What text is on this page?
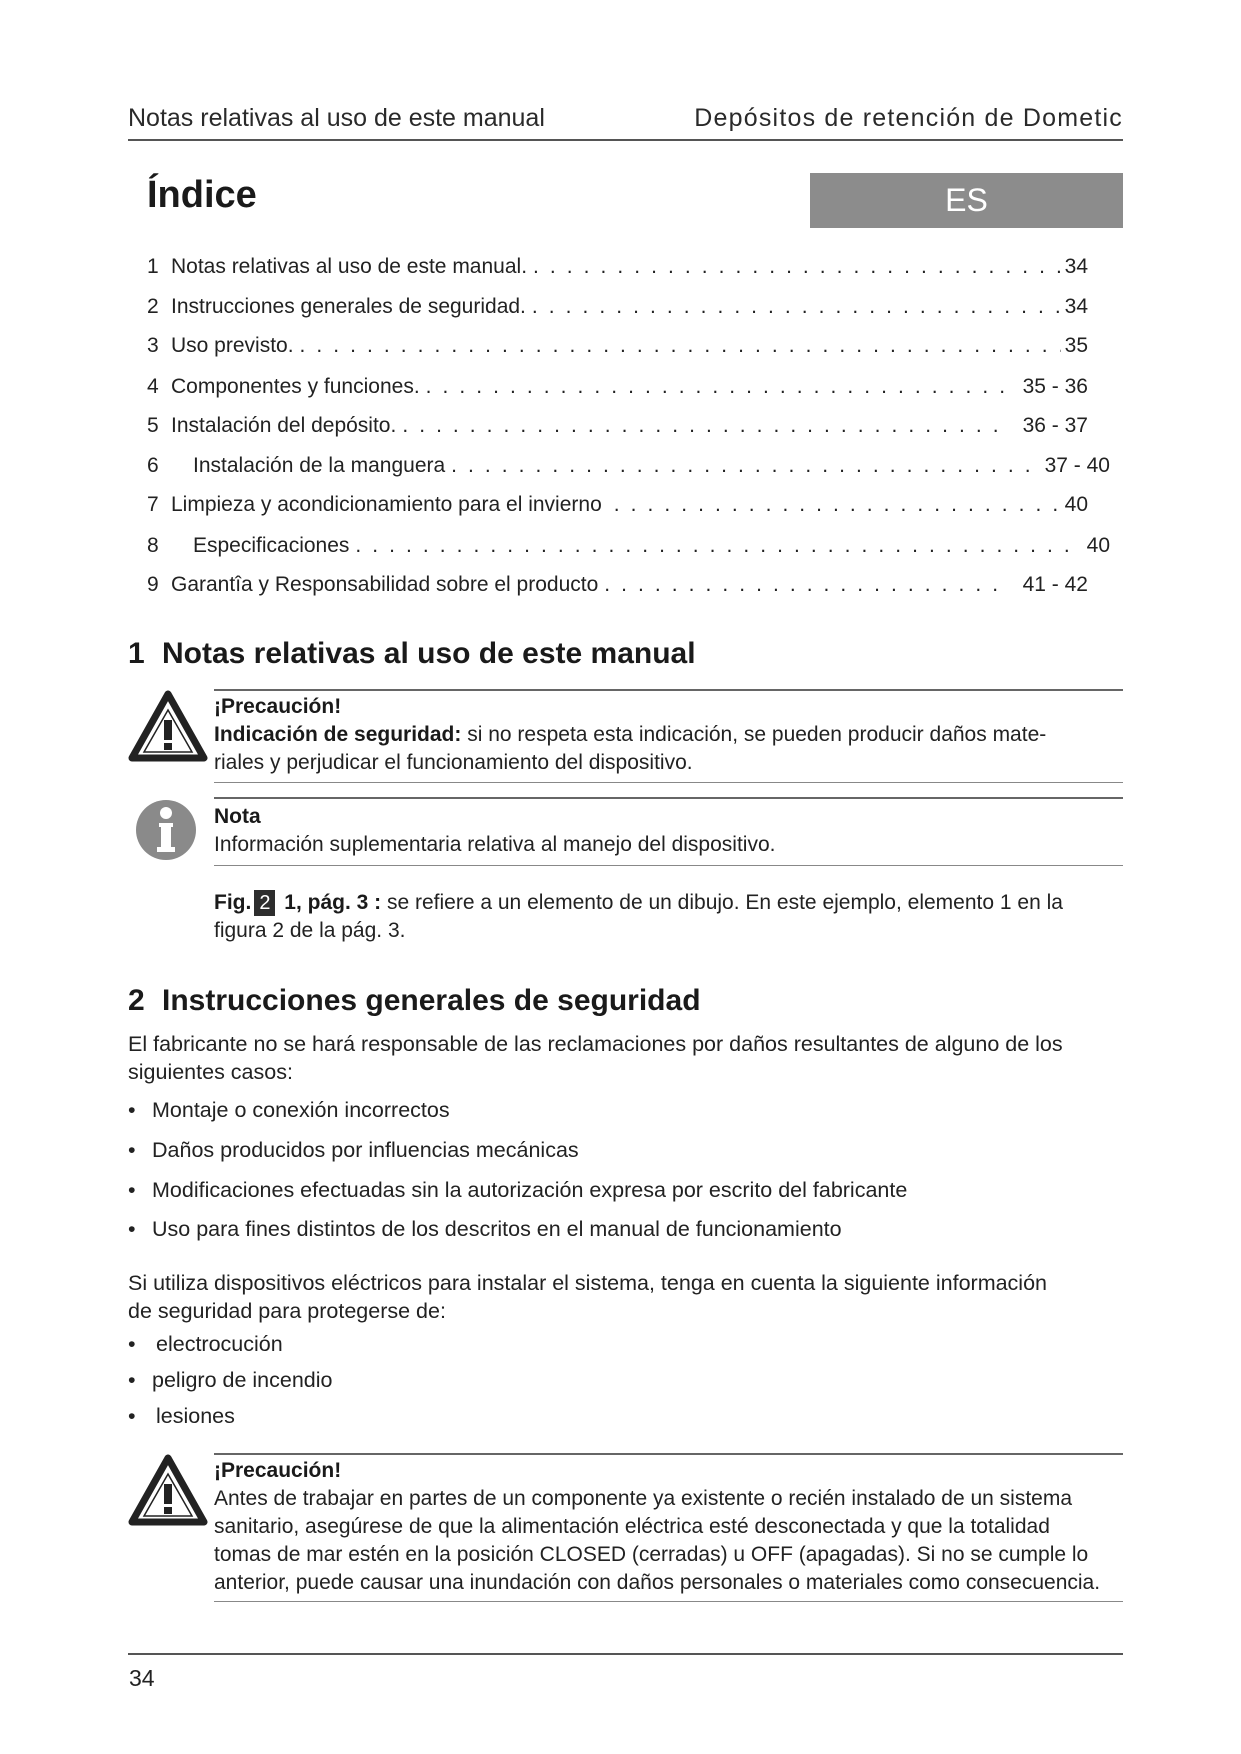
Notas relativas al uso de este manual	Depósitos de retención de Dometic
Índice	ES
1 Notas relativas al uso de este manual. . . .	34
2 Instrucciones generales de seguridad. . . .	34
3 Uso previsto. . . .	35
4 Componentes y funciones. . . .	35 - 36
5 Instalación del depósito. . . .	36 - 37
6	Instalación de la manguera . . .	37 - 40
7 Limpieza y acondicionamiento para el invierno . . .	40
8	Especificaciones . . .	40
9 Garantîa y Responsabilidad sobre el producto . . .	41 - 42
1 Notas relativas al uso de este manual
¡Precaución!
Indicación de seguridad: si no respeta esta indicación, se pueden producir daños mate-
riales y perjudicar el funcionamiento del dispositivo.
Nota
Información suplementaria relativa al manejo del dispositivo.
Fig. 2 1, pág. 3 : se refiere a un elemento de un dibujo. En este ejemplo, elemento 1 en la
figura 2 de la pág. 3.
2 Instrucciones generales de seguridad
El fabricante no se hará responsable de las reclamaciones por daños resultantes de alguno de los
siguientes casos:
• Montaje o conexión incorrectos
• Daños producidos por influencias mecánicas
• Modificaciones efectuadas sin la autorización expresa por escrito del fabricante
• Uso para fines distintos de los descritos en el manual de funcionamiento
Si utiliza dispositivos eléctricos para instalar el sistema, tenga en cuenta la siguiente información
de seguridad para protegerse de:
• electrocución
• peligro de incendio
• lesiones
¡Precaución!
Antes de trabajar en partes de un componente ya existente o recién instalado de un sistema
sanitario, asegúrese de que la alimentación eléctrica esté desconectada y que la totalidad
tomas de mar estén en la posición CLOSED (cerradas) u OFF (apagadas). Si no se cumple lo
anterior, puede causar una inundación con daños personales o materiales como consecuencia.
34
